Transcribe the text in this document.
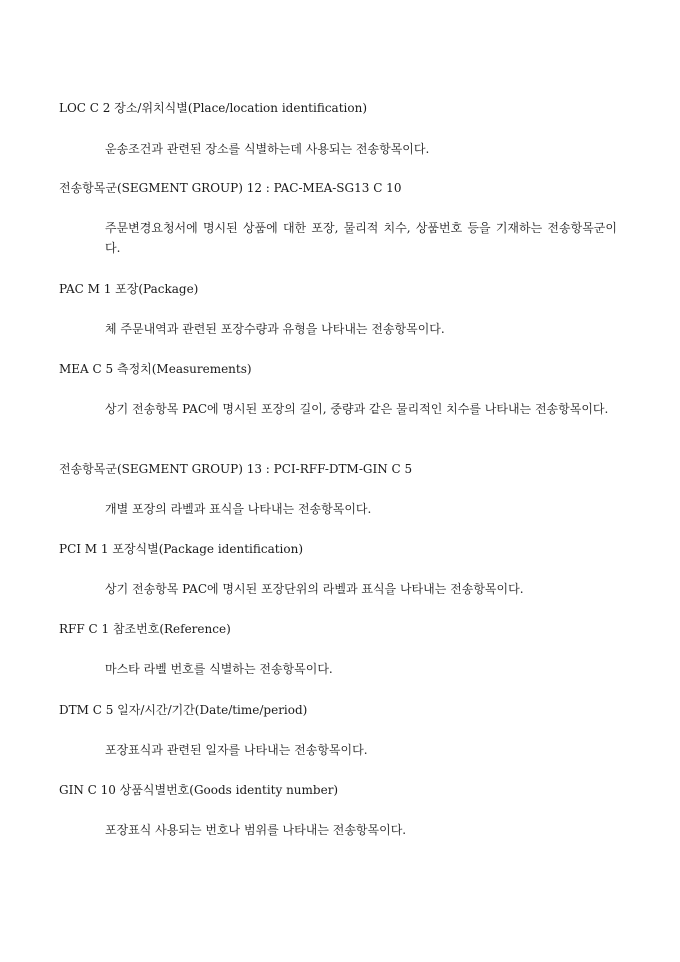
LOC C 2 장소/위치식별(Place/location identification)
운송조건과 관련된 장소를 식별하는데 사용되는 전송항목이다.
전송항목군(SEGMENT GROUP) 12 : PAC-MEA-SG13 C 10
주문변경요청서에 명시된 상품에 대한 포장, 물리적 치수, 상품번호 등을 기재하는 전송항목군이다.
PAC M 1 포장(Package)
체 주문내역과 관련된 포장수량과 유형을 나타내는 전송항목이다.
MEA C 5 측정치(Measurements)
상기 전송항목 PAC에 명시된 포장의 길이, 중량과 같은 물리적인 치수를 나타내는 전송항목이다.
전송항목군(SEGMENT GROUP) 13 : PCI-RFF-DTM-GIN C 5
개별 포장의 라벨과 표식을 나타내는 전송항목이다.
PCI M 1 포장식별(Package identification)
상기 전송항목 PAC에 명시된 포장단위의 라벨과 표식을 나타내는 전송항목이다.
RFF C 1 참조번호(Reference)
마스타 라벨 번호를 식별하는 전송항목이다.
DTM C 5 일자/시간/기간(Date/time/period)
포장표식과 관련된 일자를 나타내는 전송항목이다.
GIN C 10 상품식별번호(Goods identity number)
포장표식 사용되는 번호나 범위를 나타내는 전송항목이다.
